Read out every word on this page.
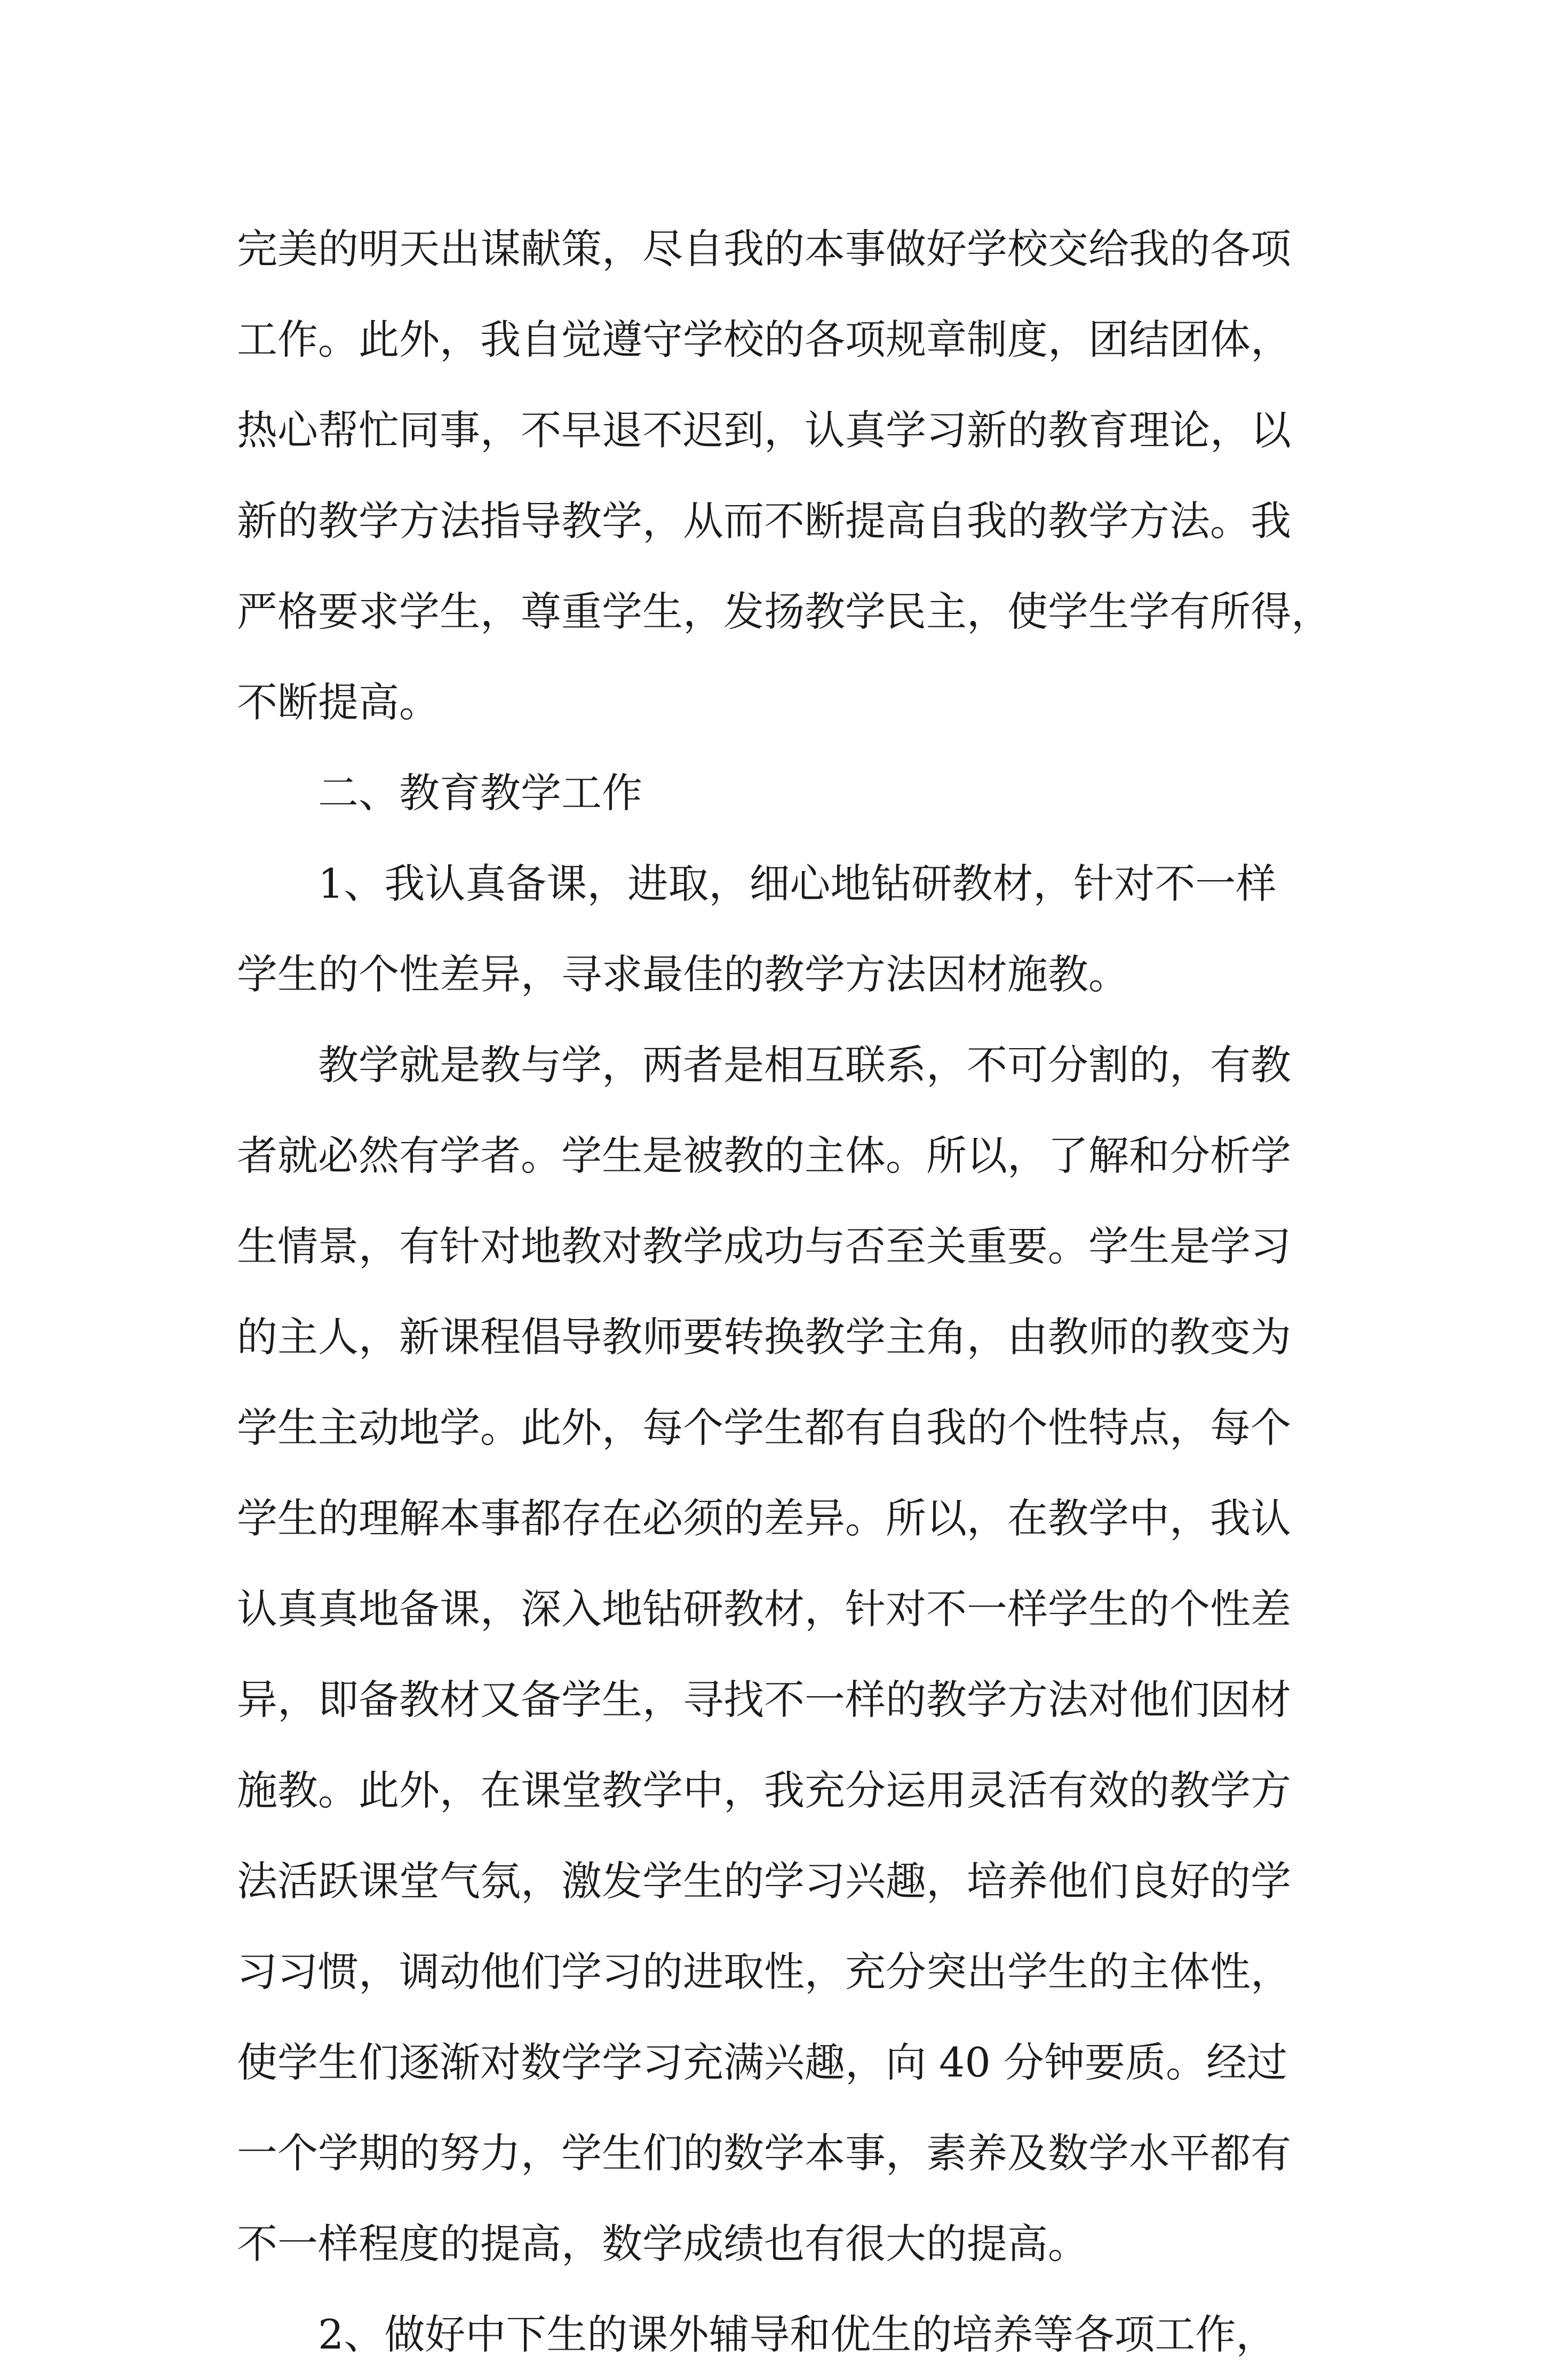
完美的明天出谋献策，尽自我的本事做好学校交给我的各项
工作。此外，我自觉遵守学校的各项规章制度，团结团体，
热心帮忙同事，不早退不迟到，认真学习新的教育理论，以
新的教学方法指导教学，从而不断提高自我的教学方法。我
严格要求学生，尊重学生，发扬教学民主，使学生学有所得，
不断提高。
二、教育教学工作
1、我认真备课，进取，细心地钻研教材，针对不一样
学生的个性差异，寻求最佳的教学方法因材施教。
教学就是教与学，两者是相互联系，不可分割的，有教
者就必然有学者。学生是被教的主体。所以，了解和分析学
生情景，有针对地教对教学成功与否至关重要。学生是学习
的主人，新课程倡导教师要转换教学主角，由教师的教变为
学生主动地学。此外，每个学生都有自我的个性特点，每个
学生的理解本事都存在必须的差异。所以，在教学中，我认
认真真地备课，深入地钻研教材，针对不一样学生的个性差
异，即备教材又备学生，寻找不一样的教学方法对他们因材
施教。此外，在课堂教学中，我充分运用灵活有效的教学方
法活跃课堂气氛，激发学生的学习兴趣，培养他们良好的学
习习惯，调动他们学习的进取性，充分突出学生的主体性，
使学生们逐渐对数学学习充满兴趣，向 40 分钟要质。经过
一个学期的努力，学生们的数学本事，素养及数学水平都有
不一样程度的提高，数学成绩也有很大的提高。
2、做好中下生的课外辅导和优生的培养等各项工作，
